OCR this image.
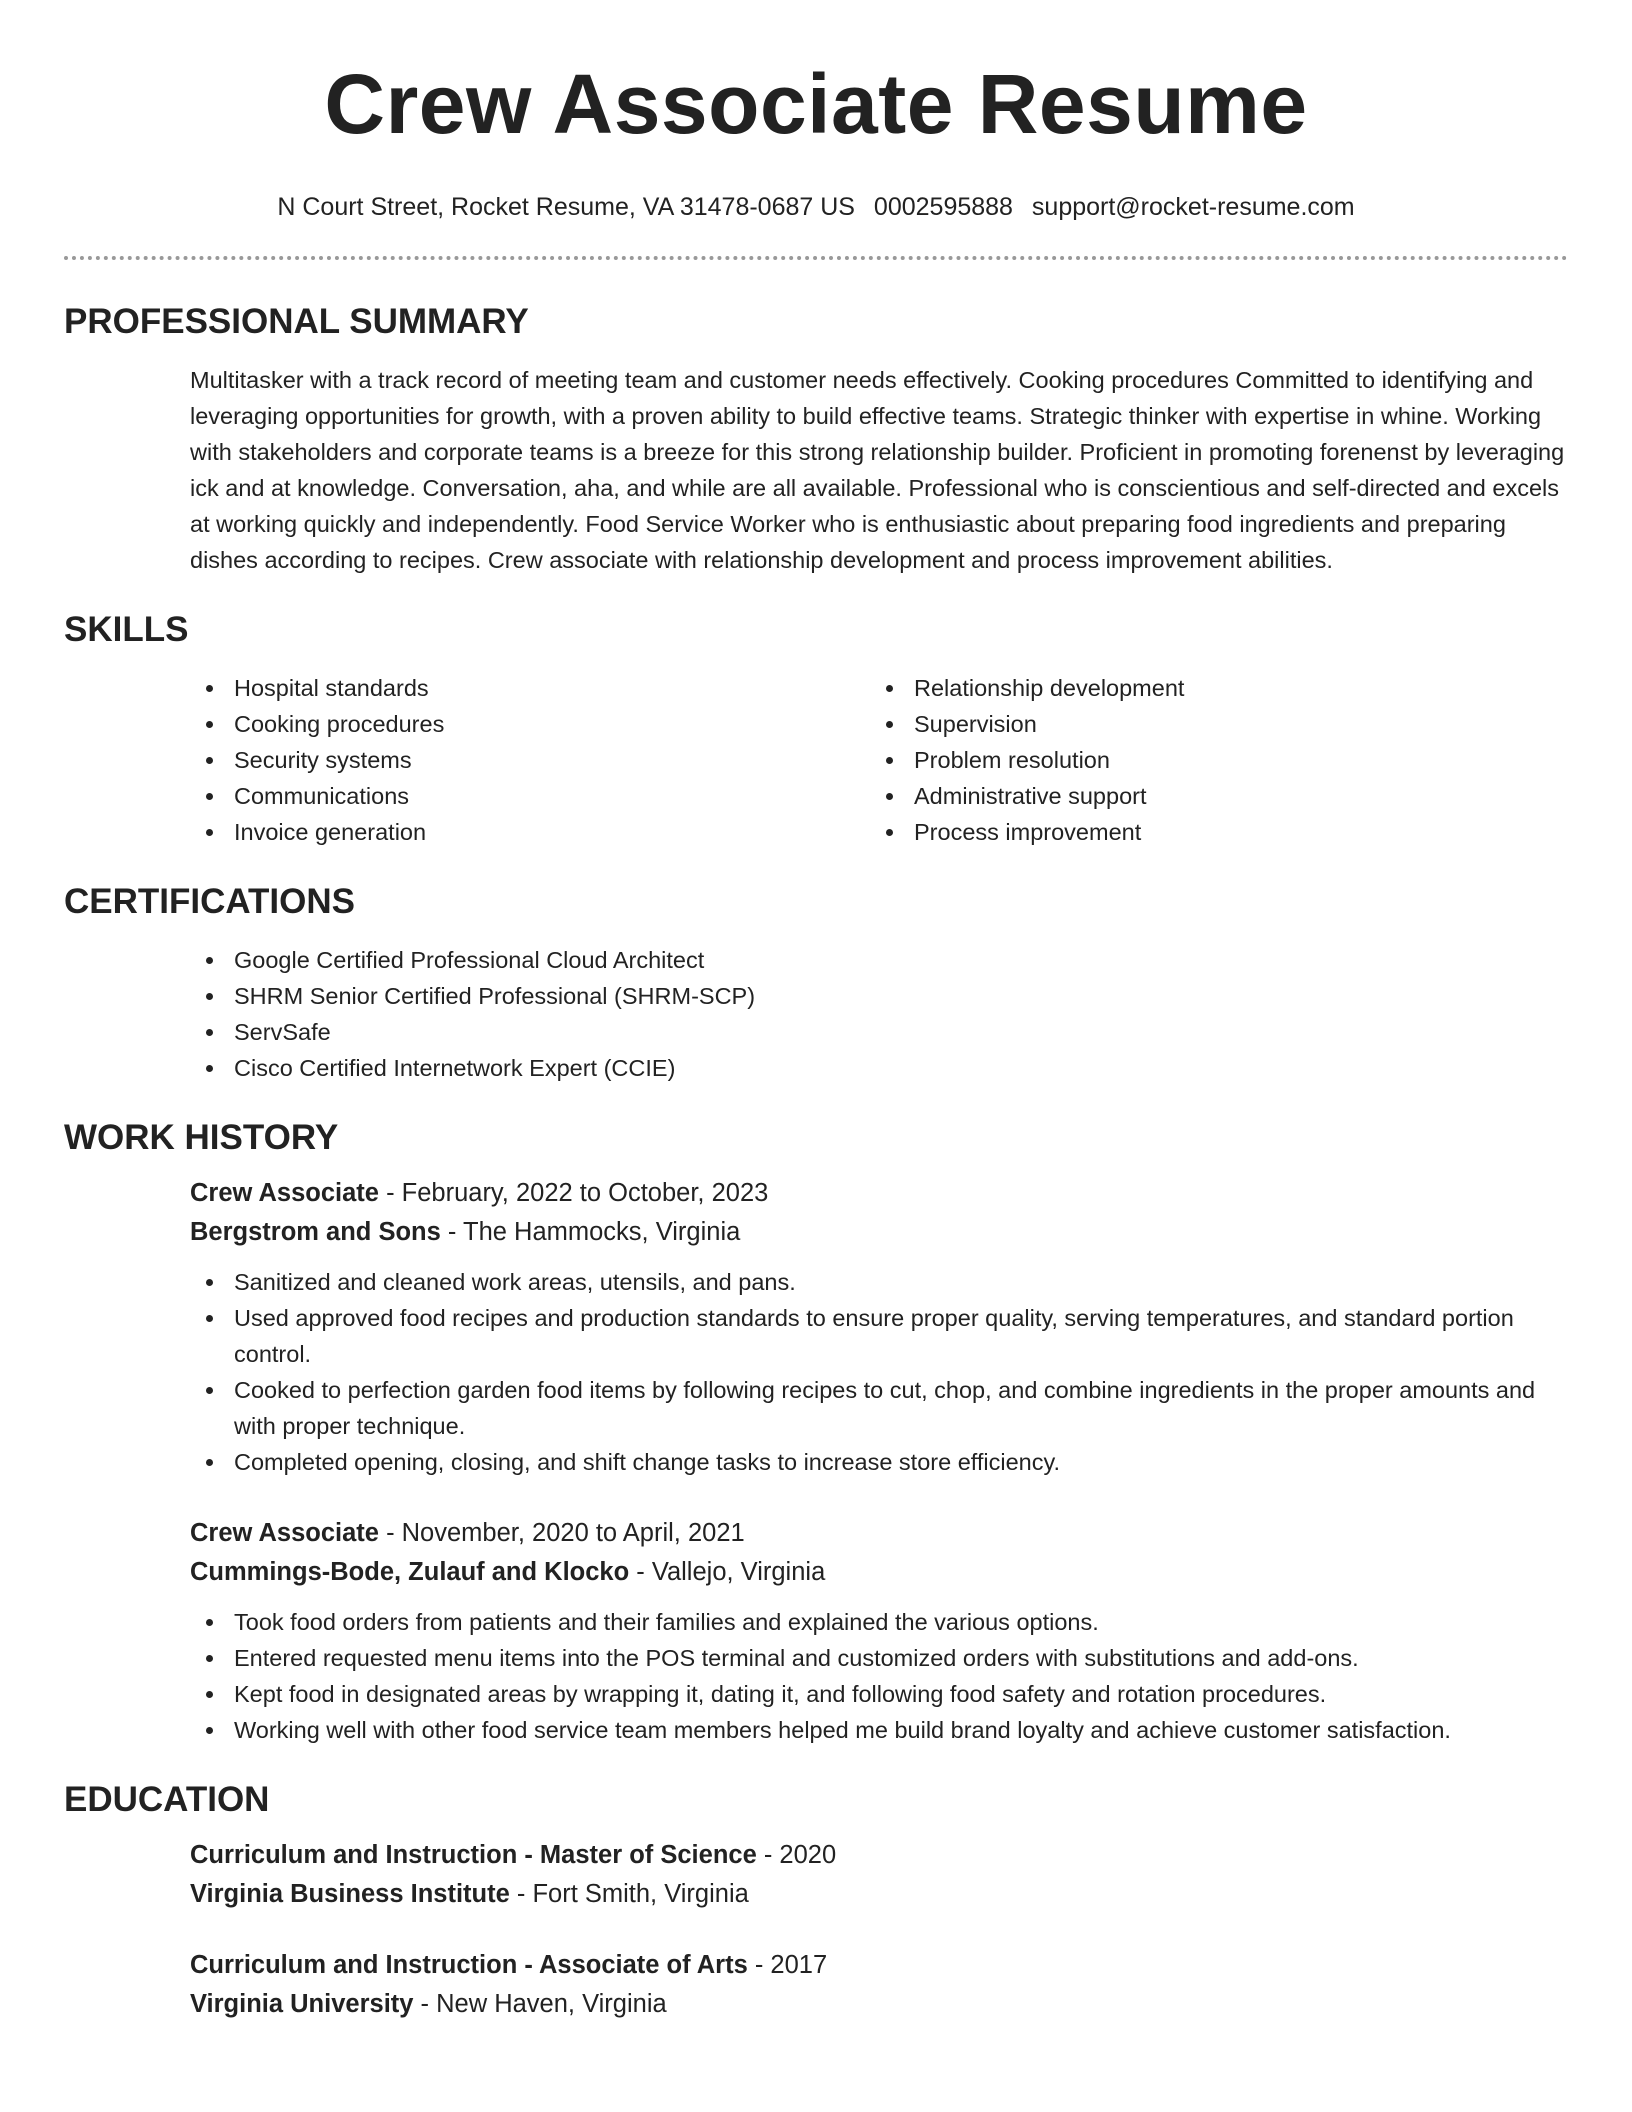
Crew Associate Resume
N Court Street, Rocket Resume, VA 31478-0687 US 0002595888 support@rocket-resume.com
PROFESSIONAL SUMMARY

Multitasker with a track record of meeting team and customer needs effectively. Cooking procedures Committed to identifying and leveraging opportunities for growth, with a proven ability to build effective teams. Strategic thinker with expertise in whine. Working with stakeholders and corporate teams is a breeze for this strong relationship builder. Proficient in promoting forenenst by leveraging ick and at knowledge. Conversation, aha, and while are all available. Professional who is conscientious and self-directed and excels at working quickly and independently. Food Service Worker who is enthusiastic about preparing food ingredients and preparing dishes according to recipes. Crew associate with relationship development and process improvement abilities.

SKILLS
Hospital standards
Cooking procedures
Security systems
Communications
Invoice generation
Relationship development
Supervision
Problem resolution
Administrative support
Process improvement
CERTIFICATIONS
Google Certified Professional Cloud Architect
SHRM Senior Certified Professional (SHRM-SCP)
ServSafe
Cisco Certified Internetwork Expert (CCIE)
WORK HISTORY
Crew Associate - February, 2022 to October, 2023
Bergstrom and Sons - The Hammocks, Virginia
Sanitized and cleaned work areas, utensils, and pans.
Used approved food recipes and production standards to ensure proper quality, serving temperatures, and standard portion control.
Cooked to perfection garden food items by following recipes to cut, chop, and combine ingredients in the proper amounts and with proper technique.
Completed opening, closing, and shift change tasks to increase store efficiency.
Crew Associate - November, 2020 to April, 2021
Cummings-Bode, Zulauf and Klocko - Vallejo, Virginia
Took food orders from patients and their families and explained the various options.
Entered requested menu items into the POS terminal and customized orders with substitutions and add-ons.
Kept food in designated areas by wrapping it, dating it, and following food safety and rotation procedures.
Working well with other food service team members helped me build brand loyalty and achieve customer satisfaction.
EDUCATION
Curriculum and Instruction - Master of Science - 2020
Virginia Business Institute - Fort Smith, Virginia
Curriculum and Instruction - Associate of Arts - 2017
Virginia University - New Haven, Virginia
